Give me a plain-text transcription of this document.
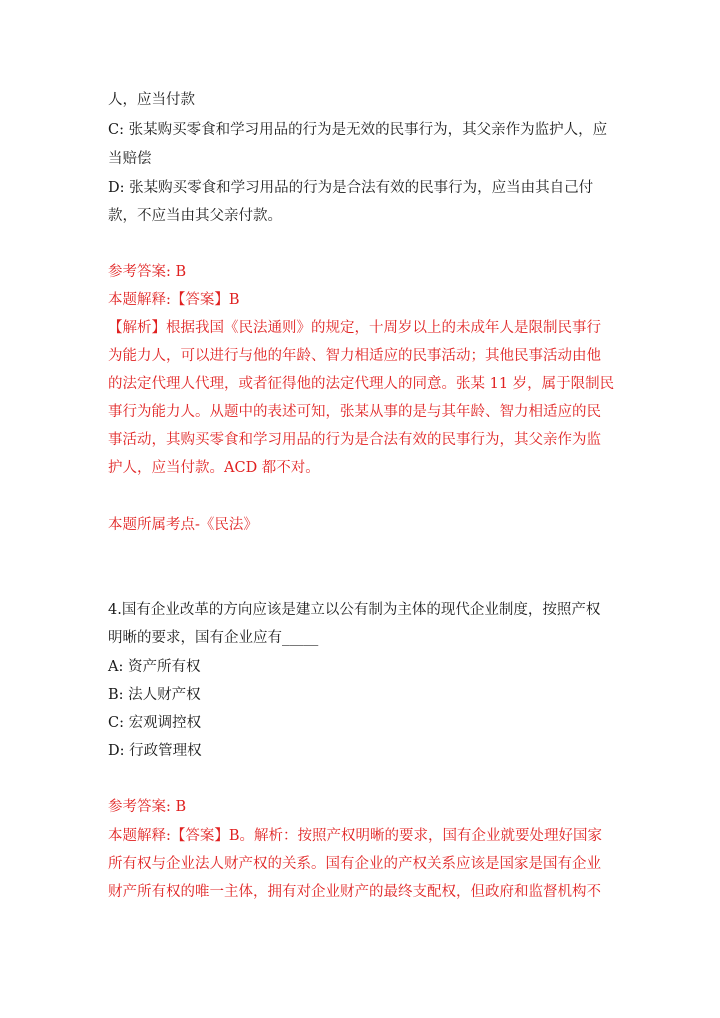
人，应当付款
C: 张某购买零食和学习用品的行为是无效的民事行为，其父亲作为监护人，应
当赔偿
D: 张某购买零食和学习用品的行为是合法有效的民事行为，应当由其自己付
款，不应当由其父亲付款。
参考答案: B
本题解释:【答案】B
【解析】根据我国《民法通则》的规定，十周岁以上的未成年人是限制民事行
为能力人，可以进行与他的年龄、智力相适应的民事活动；其他民事活动由他
的法定代理人代理，或者征得他的法定代理人的同意。张某 11 岁，属于限制民
事行为能力人。从题中的表述可知，张某从事的是与其年龄、智力相适应的民
事活动，其购买零食和学习用品的行为是合法有效的民事行为，其父亲作为监
护人，应当付款。ACD 都不对。
本题所属考点-《民法》
4.国有企业改革的方向应该是建立以公有制为主体的现代企业制度，按照产权
明晰的要求，国有企业应有_____
A: 资产所有权
B: 法人财产权
C: 宏观调控权
D: 行政管理权
参考答案: B
本题解释:【答案】B。解析：按照产权明晰的要求，国有企业就要处理好国家
所有权与企业法人财产权的关系。国有企业的产权关系应该是国家是国有企业
财产所有权的唯一主体，拥有对企业财产的最终支配权，但政府和监督机构不
